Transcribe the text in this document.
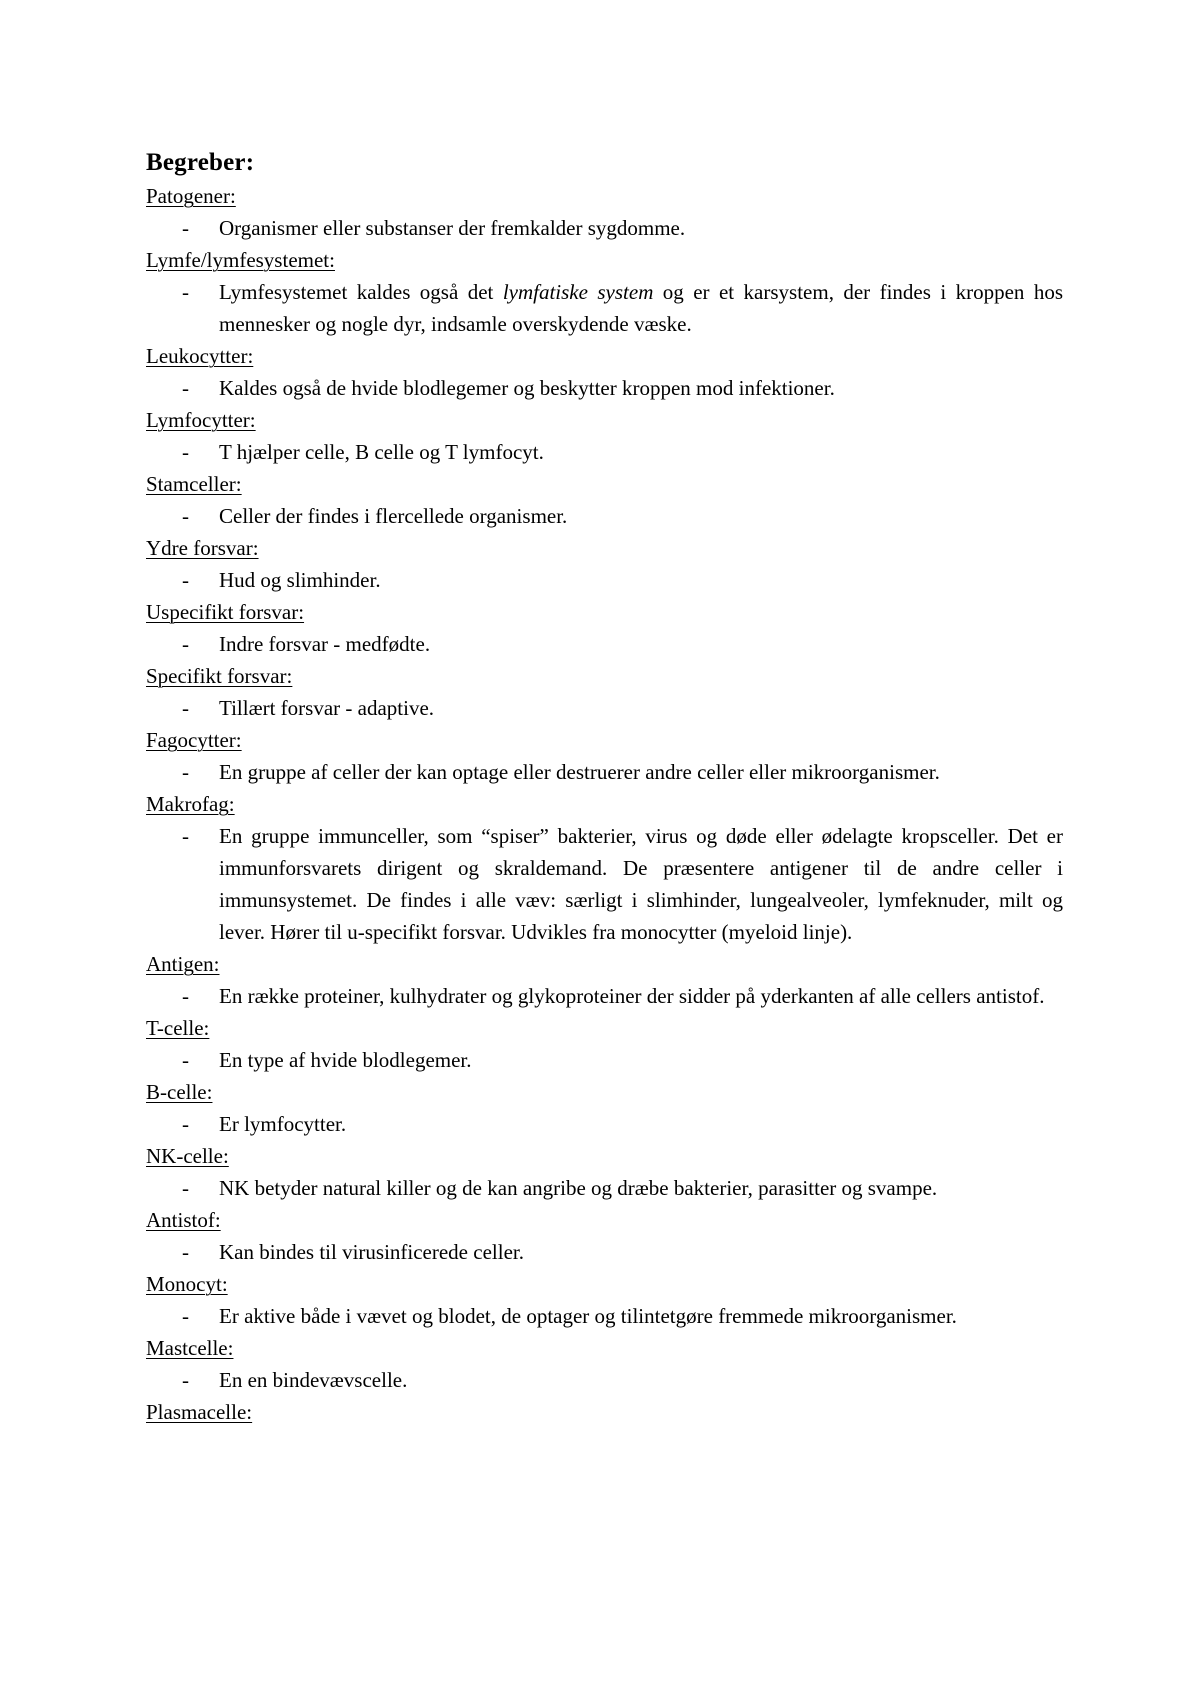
Begreber:

Patogener:

- Organismer eller substanser der fremkalder sygdomme.

Lymfe/lymfesystemet:

- Lymfesystemet kaldes også det lymfatiske system og er et karsystem, der findes i kroppen hos mennesker og nogle dyr, indsamle overskydende væske.

Leukocytter:

- Kaldes også de hvide blodlegemer og beskytter kroppen mod infektioner.

Lymfocytter:

- T hjælper celle, B celle og T lymfocyt.

Stamceller:

- Celler der findes i flercellede organismer.

Ydre forsvar:

- Hud og slimhinder.

Uspecifikt forsvar:

- Indre forsvar - medfødte.

Specifikt forsvar:

- Tillært forsvar - adaptive.

Fagocytter:

- En gruppe af celler der kan optage eller destruerer andre celler eller mikroorganismer.

Makrofag:

- En gruppe immunceller, som “spiser” bakterier, virus og døde eller ødelagte kropsceller. Det er immunforsvarets dirigent og skraldemand. De præsentere antigener til de andre celler i immunsystemet. De findes i alle væv: særligt i slimhinder, lungealveoler, lymfeknuder, milt og lever. Hører til u-specifikt forsvar. Udvikles fra monocytter (myeloid linje).

Antigen:

- En række proteiner, kulhydrater og glykoproteiner der sidder på yderkanten af alle cellers antistof.

T-celle:

- En type af hvide blodlegemer.

B-celle:

- Er lymfocytter.

NK-celle:

- NK betyder natural killer og de kan angribe og dræbe bakterier, parasitter og svampe.

Antistof:

- Kan bindes til virusinficerede celler.

Monocyt:

- Er aktive både i vævet og blodet, de optager og tilintetgøre fremmede mikroorganismer.

Mastcelle:

- En en bindevævscelle.

Plasmacelle:
